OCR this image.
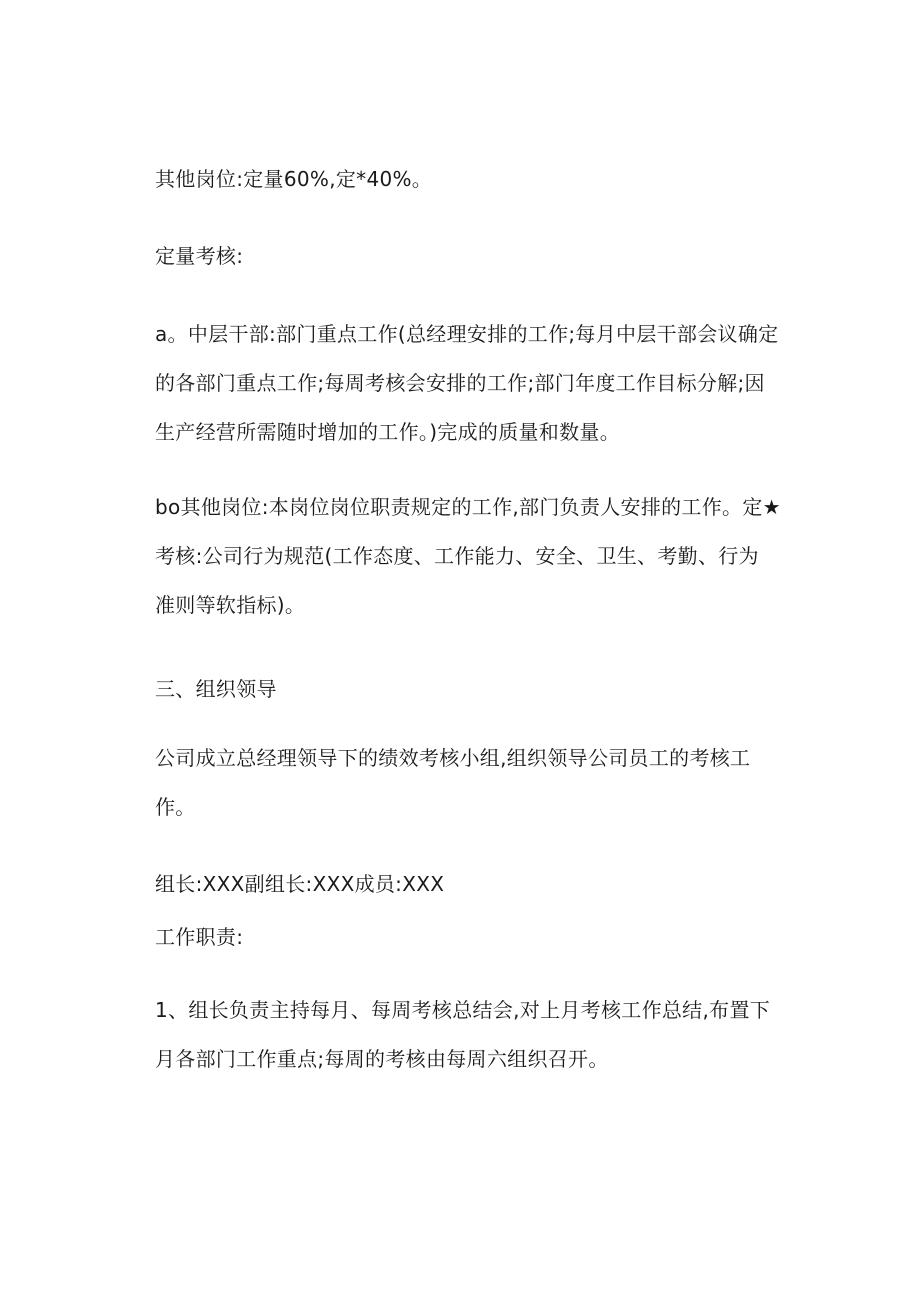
其他岗位:定量60%,定*40%。
定量考核:
a。中层干部:部门重点工作(总经理安排的工作;每月中层干部会议确定
的各部门重点工作;每周考核会安排的工作;部门年度工作目标分解;因
生产经营所需随时增加的工作。)完成的质量和数量。
bo其他岗位:本岗位岗位职责规定的工作,部门负责人安排的工作。定★
考核:公司行为规范(工作态度、工作能力、安全、卫生、考勤、行为
准则等软指标)。
三、组织领导
公司成立总经理领导下的绩效考核小组,组织领导公司员工的考核工
作。
组长:XXX副组长:XXX成员:XXX
工作职责:
1、组长负责主持每月、每周考核总结会,对上月考核工作总结,布置下
月各部门工作重点;每周的考核由每周六组织召开。
